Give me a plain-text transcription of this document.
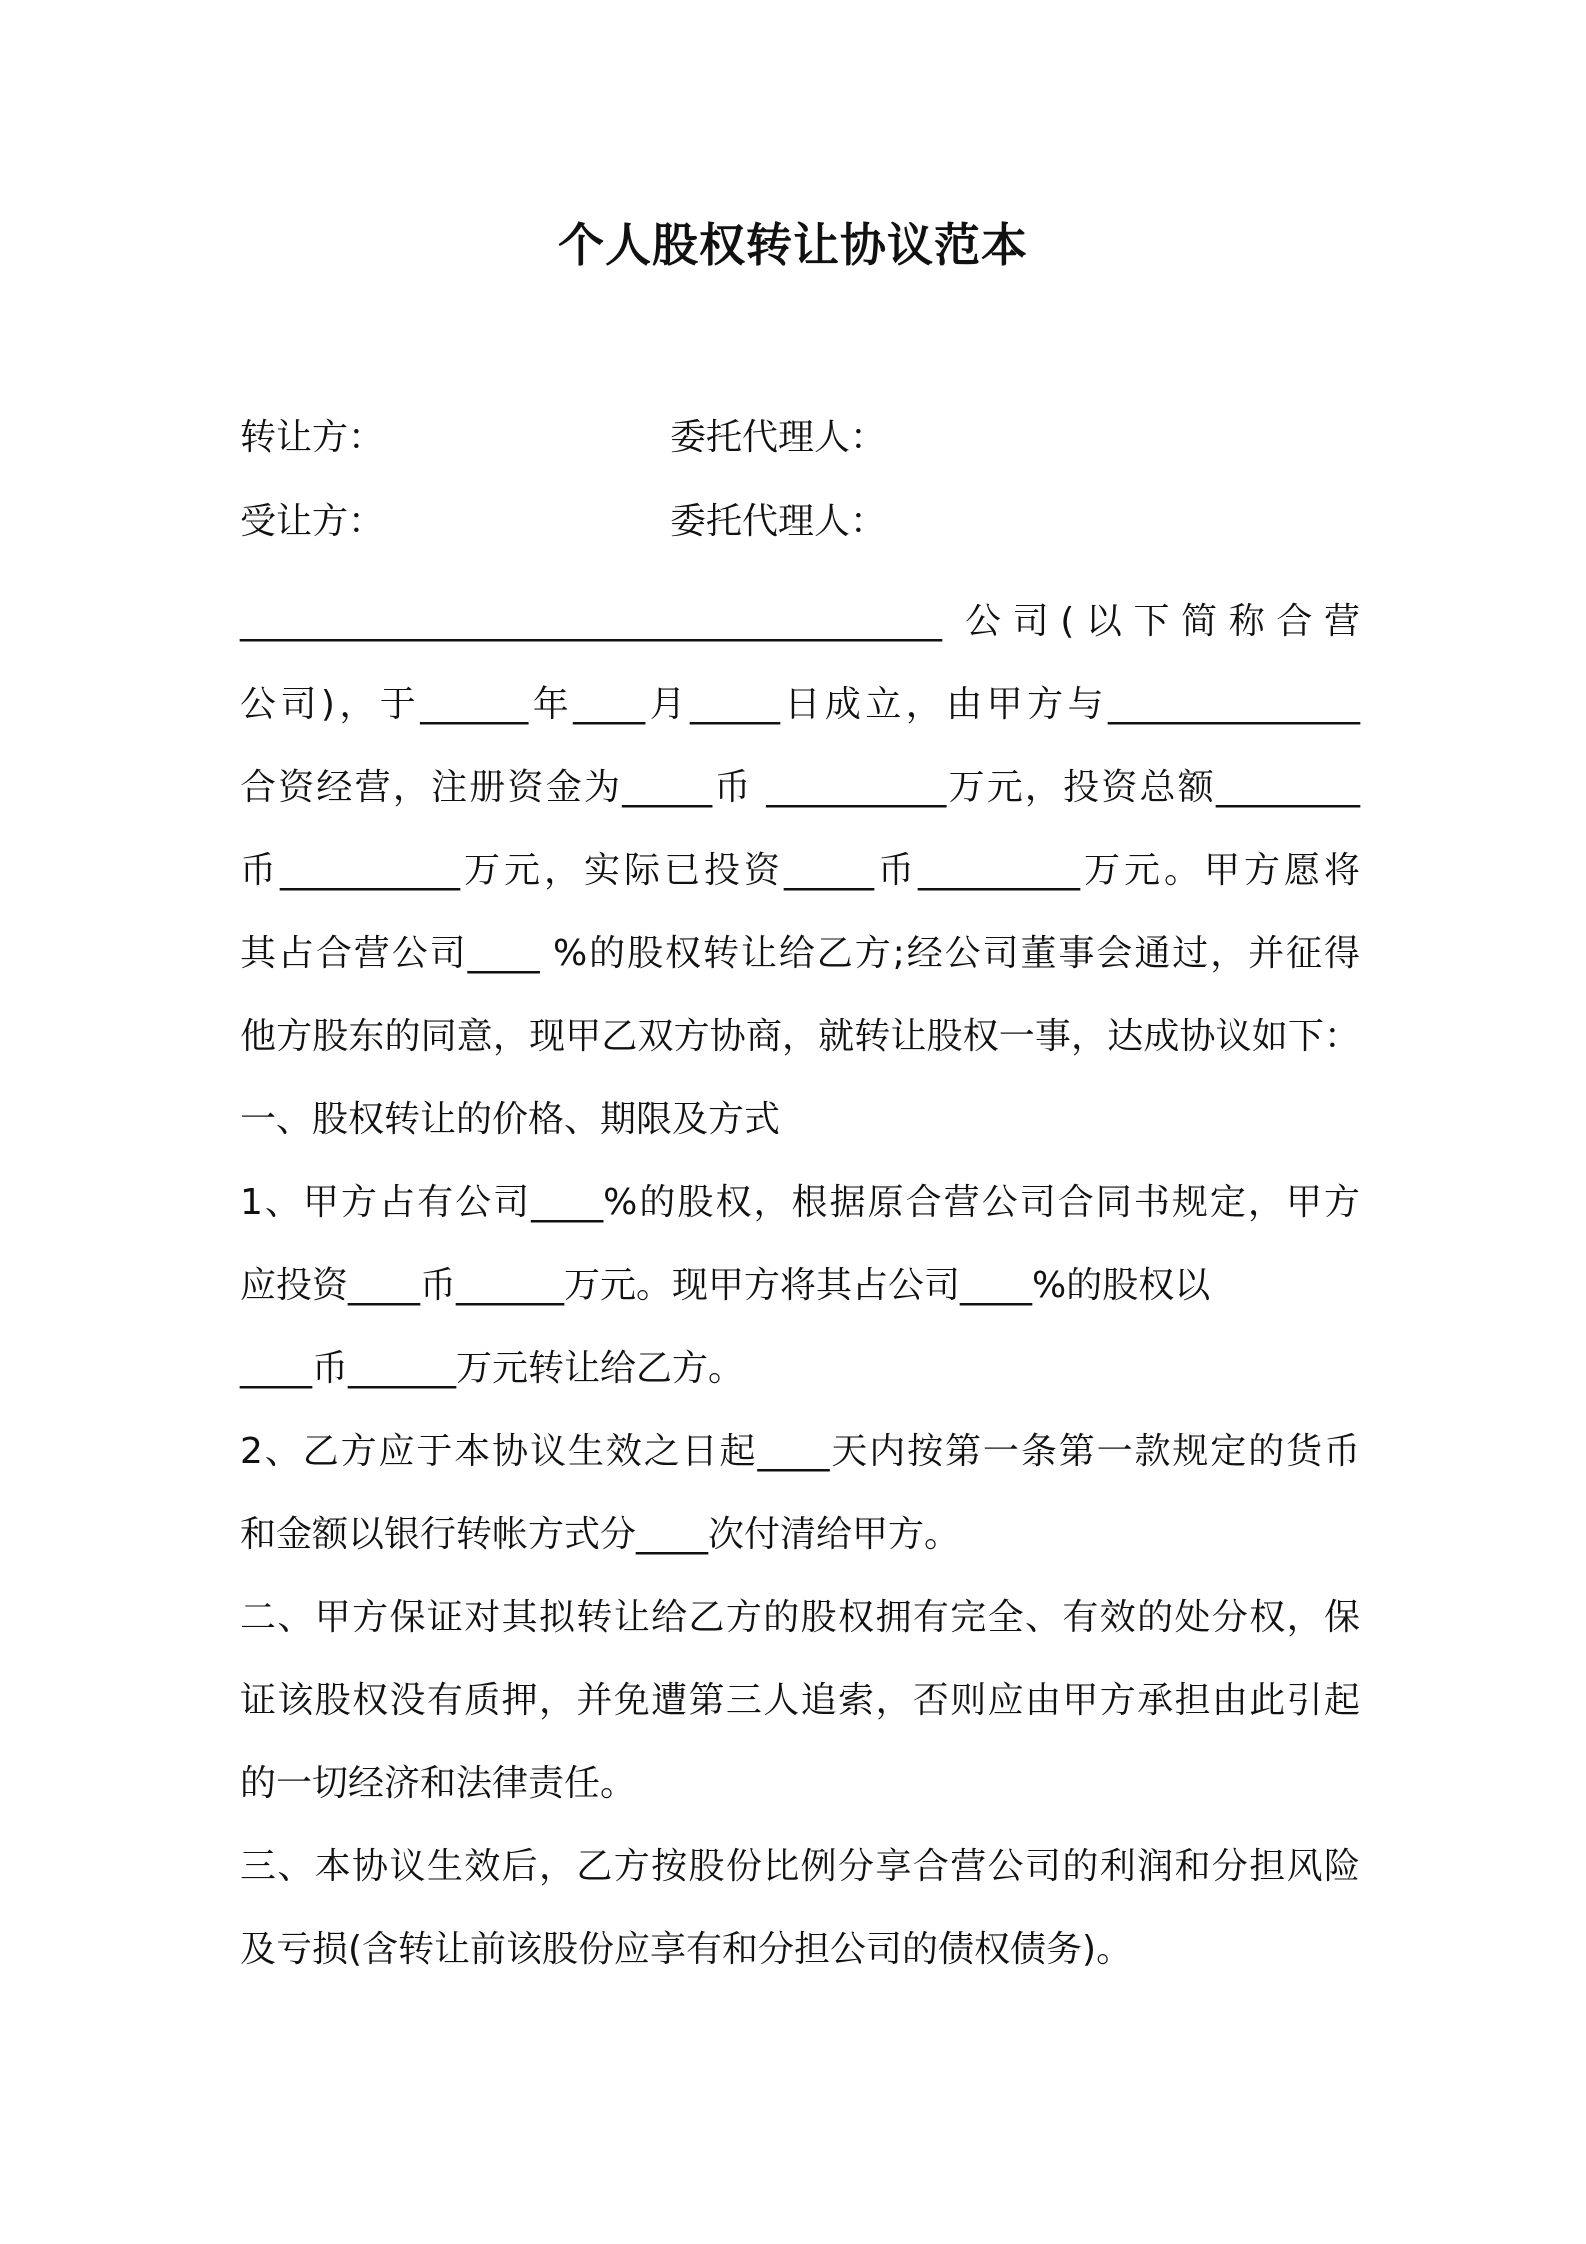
个人股权转让协议范本
转让方：	委托代理人：
受让方：	委托代理人：
_______________________________________ 公司(以下简称合营
公司)，于______年____月_____日成立，由甲方与______________
合资经营，注册资金为_____币 __________万元，投资总额________
币__________万元，实际已投资_____币_________万元。甲方愿将
其占合营公司____ %的股权转让给乙方;经公司董事会通过，并征得
他方股东的同意，现甲乙双方协商，就转让股权一事，达成协议如下：
一、股权转让的价格、期限及方式
1、甲方占有公司____%的股权，根据原合营公司合同书规定，甲方
应投资____币______万元。现甲方将其占公司____%的股权以
____币______万元转让给乙方。
2、乙方应于本协议生效之日起____天内按第一条第一款规定的货币
和金额以银行转帐方式分____次付清给甲方。
二、甲方保证对其拟转让给乙方的股权拥有完全、有效的处分权，保
证该股权没有质押，并免遭第三人追索，否则应由甲方承担由此引起
的一切经济和法律责任。
三、本协议生效后，乙方按股份比例分享合营公司的利润和分担风险
及亏损(含转让前该股份应享有和分担公司的债权债务)。
